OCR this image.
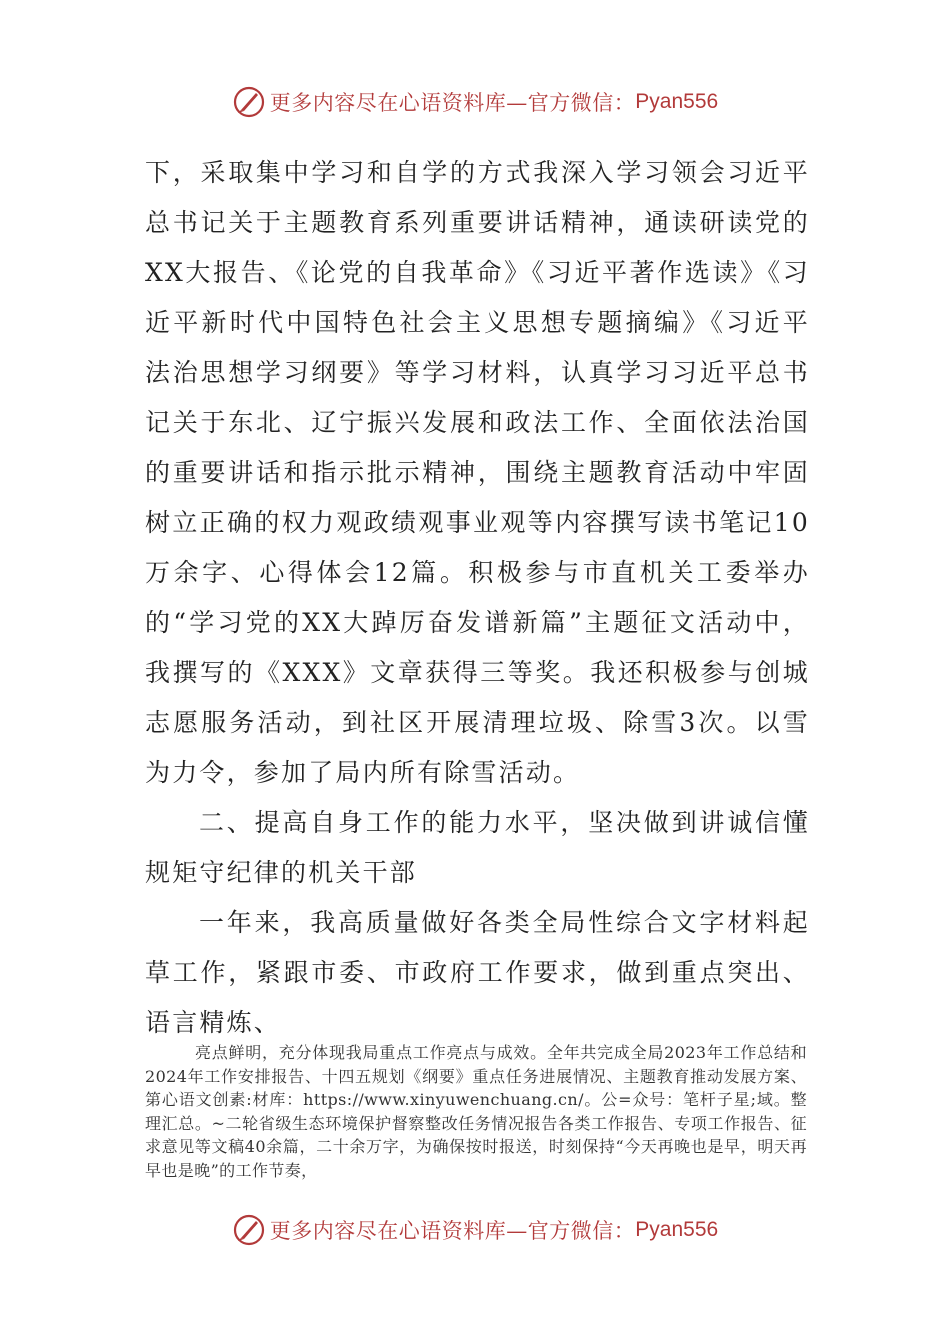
更多内容尽在心语资料库—官方微信： Pyan556

下，采取集中学习和自学的方式我深入学习领会习近平总书记关于主题教育系列重要讲话精神，通读研读党的XX大报告、《论党的自我革命》《习近平著作选读》《习近平新时代中国特色社会主义思想专题摘编》《习近平法治思想学习纲要》等学习材料，认真学习习近平总书记关于东北、辽宁振兴发展和政法工作、全面依法治国的重要讲话和指示批示精神，围绕主题教育活动中牢固树立正确的权力观政绩观事业观等内容撰写读书笔记10万余字、心得体会12篇。积极参与市直机关工委举办的“学习党的XX大踔厉奋发谱新篇”主题征文活动中，我撰写的《XXX》文章获得三等奖。我还积极参与创城志愿服务活动，到社区开展清理垃圾、除雪3次。以雪为力令，参加了局内所有除雪活动。

二、提高自身工作的能力水平，坚决做到讲诚信懂规矩守纪律的机关干部

一年来，我高质量做好各类全局性综合文字材料起草工作，紧跟市委、市政府工作要求，做到重点突出、语言精炼、

亮点鲜明，充分体现我局重点工作亮点与成效。全年共完成全局2023年工作总结和2024年工作安排报告、十四五规划《纲要》重点任务进展情况、主题教育推动发展方案、第心语文创素:材库：https://www.xinyuwenchuang.cn/。公=众号：笔杆子星;域。整理汇总。~二轮省级生态环境保护督察整改任务情况报告各类工作报告、专项工作报告、征求意见等文稿40余篇，二十余万字，为确保按时报送，时刻保持“今天再晚也是早，明天再早也是晚”的工作节奏，
更多内容尽在心语资料库—官方微信： Pyan556
